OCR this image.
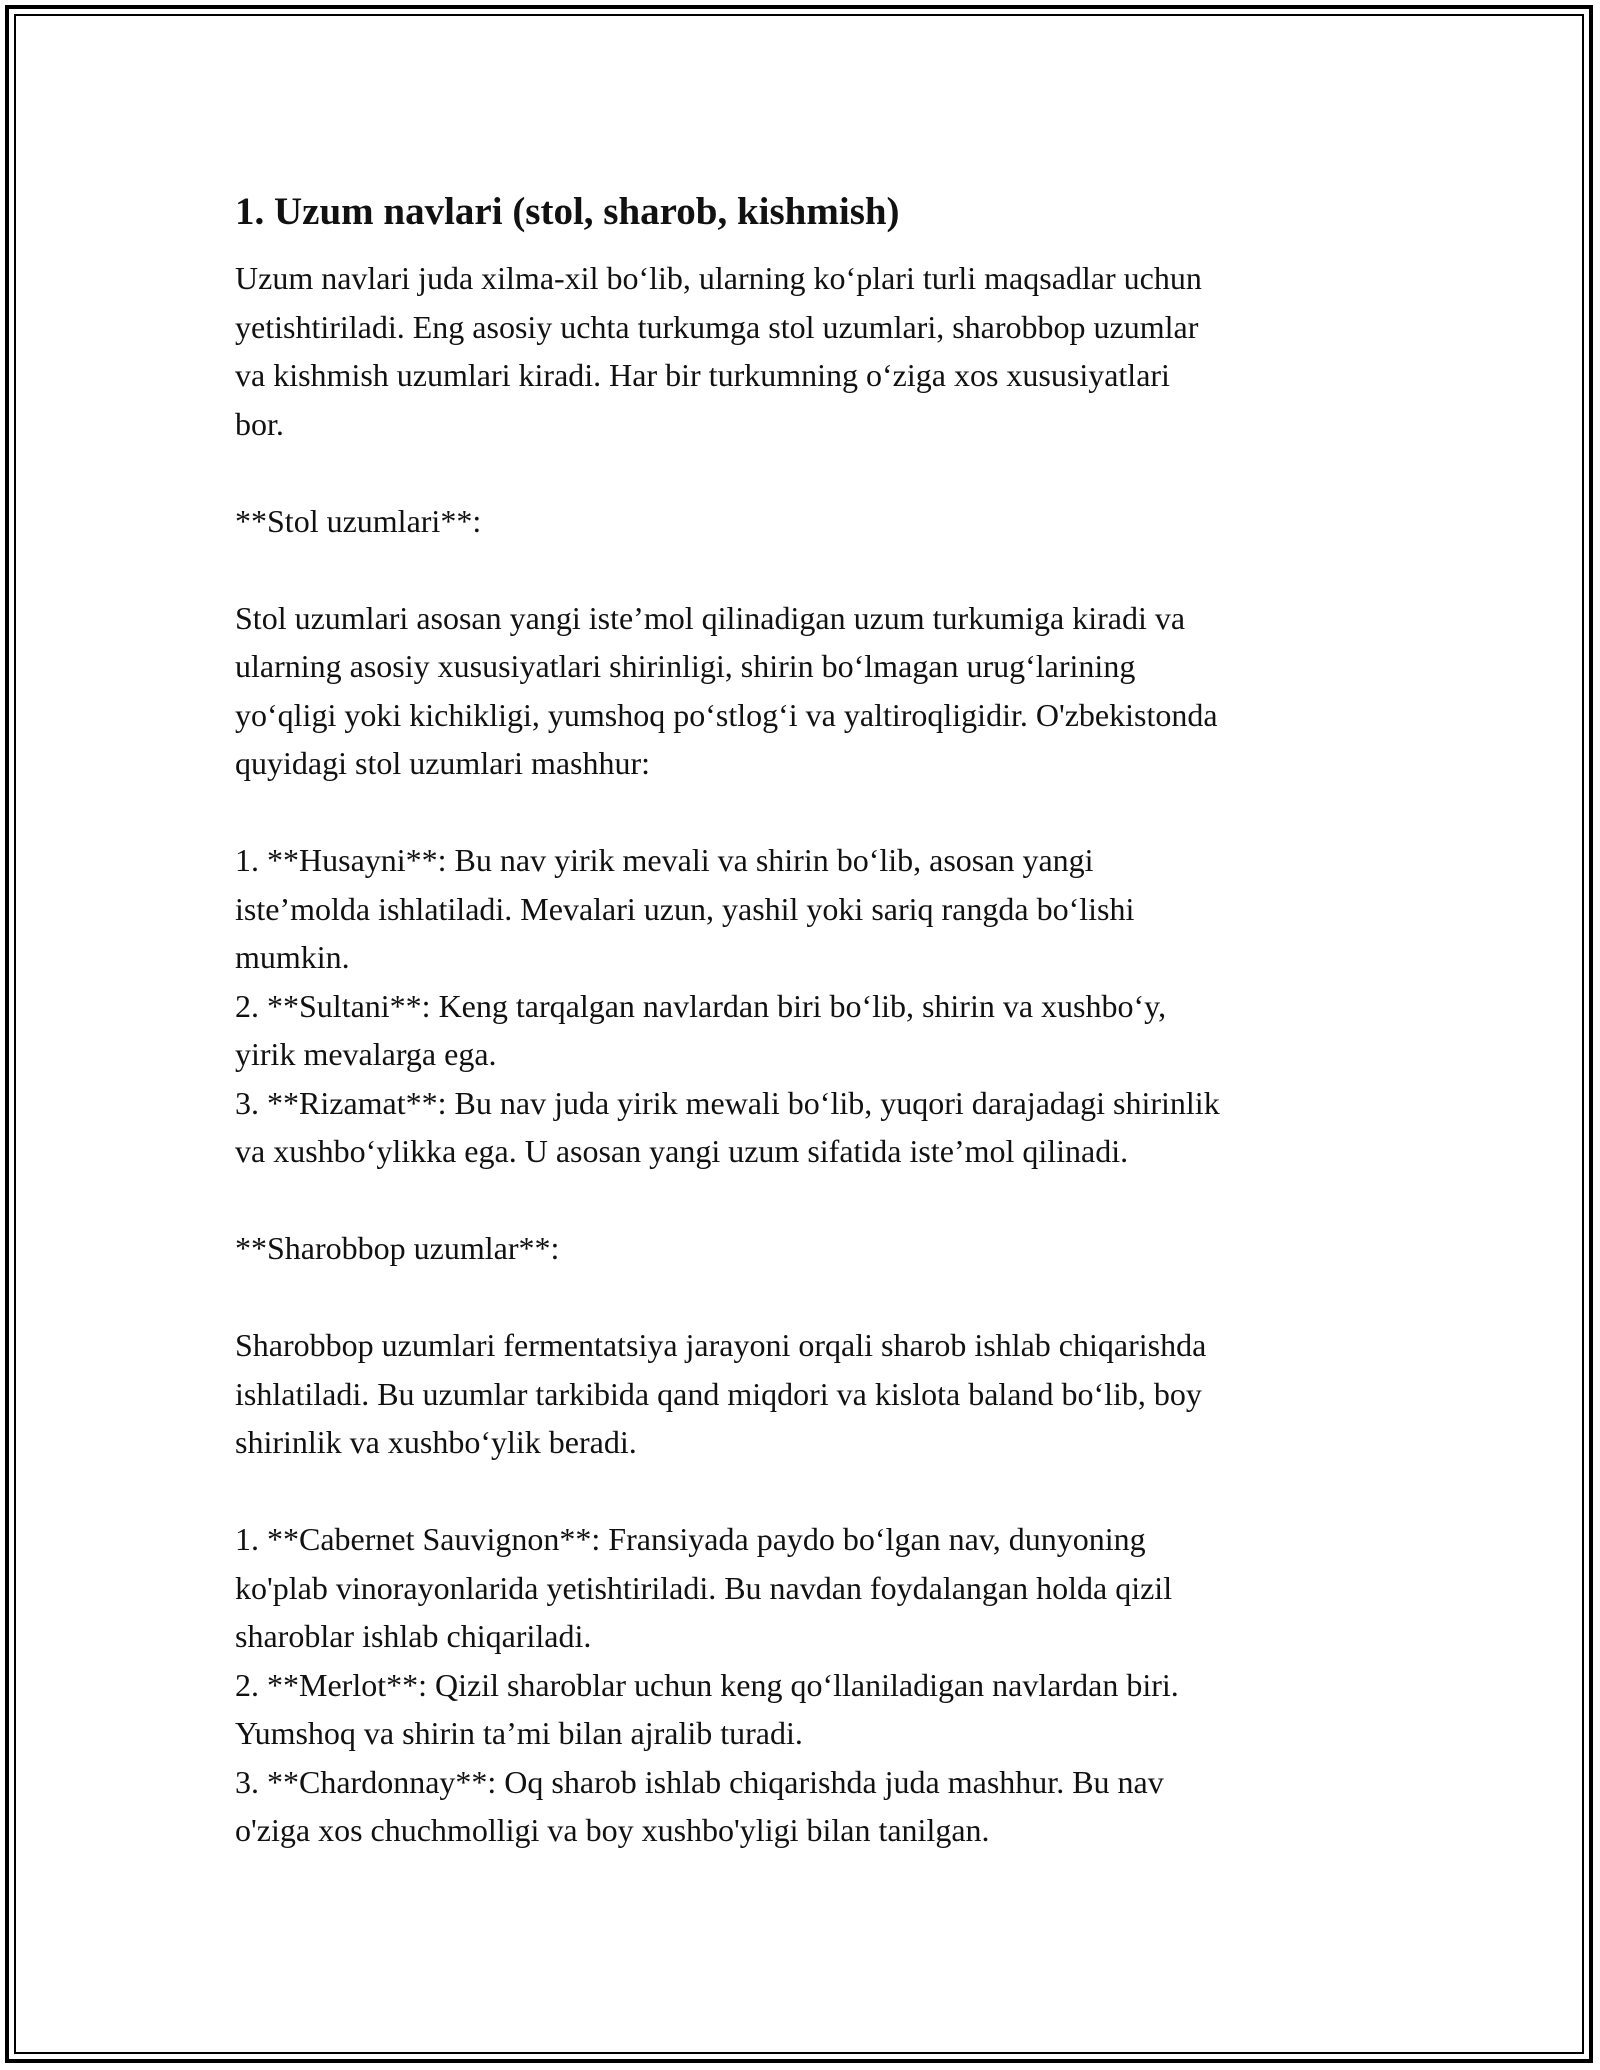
1. Uzum navlari (stol, sharob, kishmish)

Uzum navlari juda xilma-xil bo‘lib, ularning ko‘plari turli maqsadlar uchun

yetishtiriladi. Eng asosiy uchta turkumga stol uzumlari, sharobbop uzumlar

va kishmish uzumlari kiradi. Har bir turkumning o‘ziga xos xususiyatlari

bor.

**Stol uzumlari**:

Stol uzumlari asosan yangi iste’mol qilinadigan uzum turkumiga kiradi va

ularning asosiy xususiyatlari shirinligi, shirin bo‘lmagan urug‘larining

yo‘qligi yoki kichikligi, yumshoq po‘stlog‘i va yaltiroqligidir. O'zbekistonda

quyidagi stol uzumlari mashhur:

1. **Husayni**: Bu nav yirik mevali va shirin bo‘lib, asosan yangi

iste’molda ishlatiladi. Mevalari uzun, yashil yoki sariq rangda bo‘lishi

mumkin.

2. **Sultani**: Keng tarqalgan navlardan biri bo‘lib, shirin va xushbo‘y,

yirik mevalarga ega.

3. **Rizamat**: Bu nav juda yirik mewali bo‘lib, yuqori darajadagi shirinlik

va xushbo‘ylikka ega. U asosan yangi uzum sifatida iste’mol qilinadi.

**Sharobbop uzumlar**:

Sharobbop uzumlari fermentatsiya jarayoni orqali sharob ishlab chiqarishda

ishlatiladi. Bu uzumlar tarkibida qand miqdori va kislota baland bo‘lib, boy

shirinlik va xushbo‘ylik beradi.

1. **Cabernet Sauvignon**: Fransiyada paydo bo‘lgan nav, dunyoning

ko'plab vinorayonlarida yetishtiriladi. Bu navdan foydalangan holda qizil

sharoblar ishlab chiqariladi.

2. **Merlot**: Qizil sharoblar uchun keng qo‘llaniladigan navlardan biri.

Yumshoq va shirin ta’mi bilan ajralib turadi.

3. **Chardonnay**: Oq sharob ishlab chiqarishda juda mashhur. Bu nav

o'ziga xos chuchmolligi va boy xushbo'yligi bilan tanilgan.
